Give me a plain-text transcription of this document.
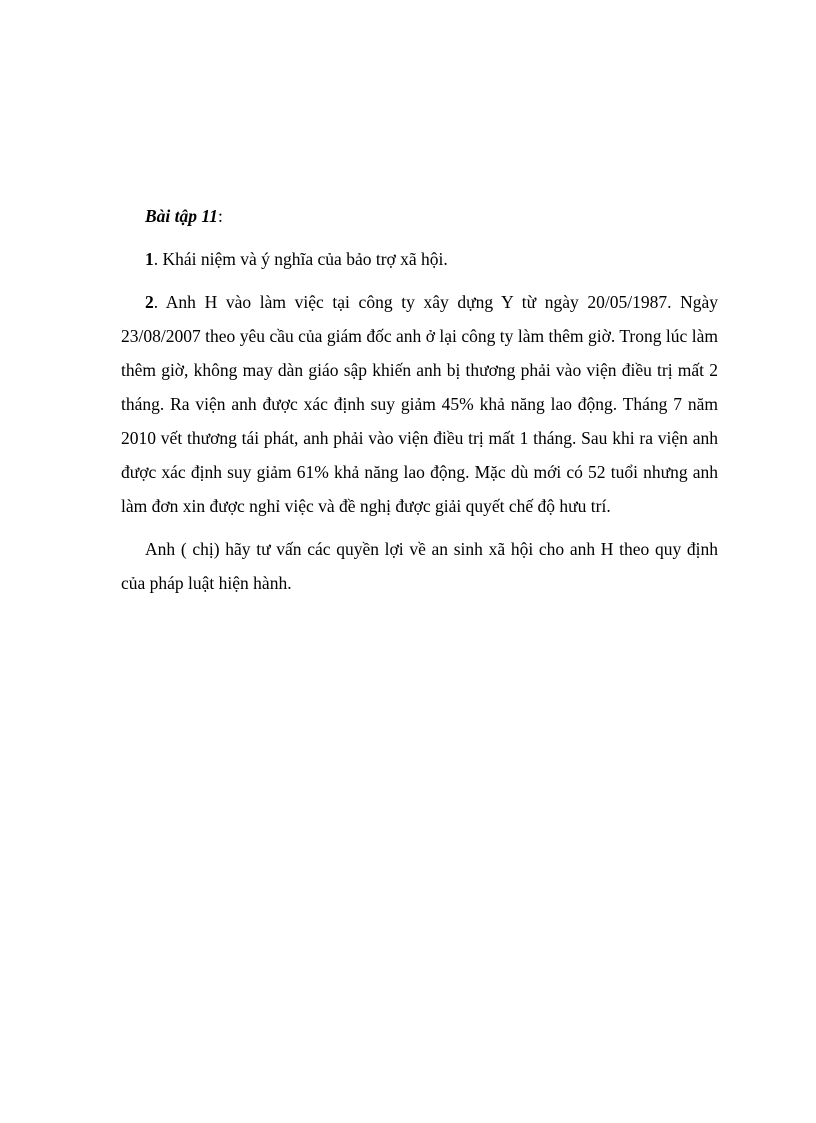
Bài tập 11:
1. Khái niệm và ý nghĩa của bảo trợ xã hội.
2. Anh H vào làm việc tại công ty xây dựng Y từ ngày 20/05/1987. Ngày 23/08/2007 theo yêu cầu của giám đốc anh ở lại công ty làm thêm giờ. Trong lúc làm thêm giờ, không may dàn giáo sập khiến anh bị thương phải vào viện điều trị mất 2 tháng. Ra viện anh được xác định suy giảm 45% khả năng lao động. Tháng 7 năm 2010 vết thương tái phát, anh phải vào viện điều trị mất 1 tháng. Sau khi ra viện anh được xác định suy giảm 61% khả năng lao động. Mặc dù mới có 52 tuổi nhưng anh làm đơn xin được nghỉ việc và đề nghị được giải quyết chế độ hưu trí.
Anh ( chị) hãy tư vấn các quyền lợi về an sinh xã hội cho anh H theo quy định của pháp luật hiện hành.
